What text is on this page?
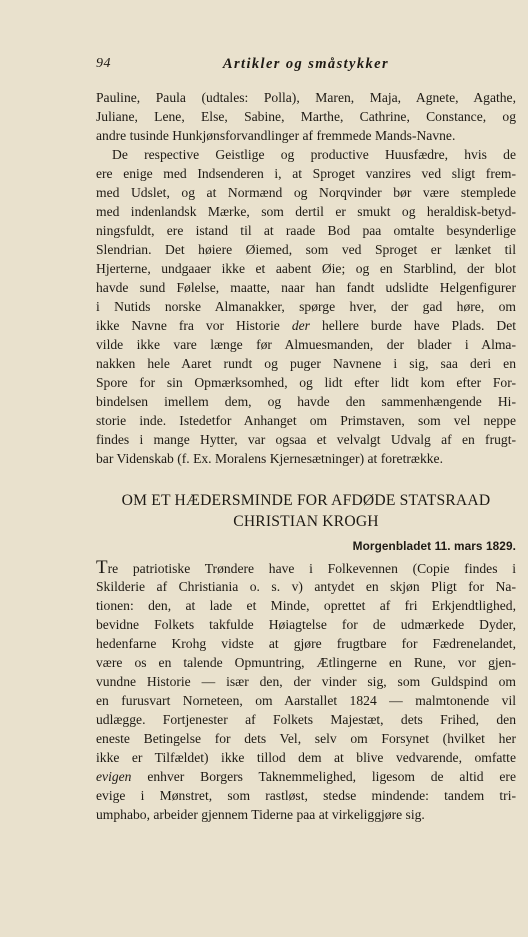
94	Artikler og småstykker
Pauline, Paula (udtales: Polla), Maren, Maja, Agnete, Agathe,
Juliane, Lene, Else, Sabine, Marthe, Cathrine, Constance, og
andre tusinde Hunkjønsforvandlinger af fremmede Mands-Navne.
De respective Geistlige og productive Huusfædre, hvis de
ere enige med Indsenderen i, at Sproget vanzires ved sligt frem-
med Udslet, og at Normænd og Norqvinder bør være stemplede
med indenlandsk Mærke, som dertil er smukt og heraldisk-betyd-
ningsfuldt, ere istand til at raade Bod paa omtalte besynderlige
Slendrian. Det høiere Øiemed, som ved Sproget er lænket til
Hjerterne, undgaaer ikke et aabent Øie; og en Starblind, der blot
havde sund Følelse, maatte, naar han fandt udslidte Helgenfigurer
i Nutids norske Almanakker, spørge hver, der gad høre, om
ikke Navne fra vor Historie der hellere burde have Plads. Det
vilde ikke vare længe før Almuesmanden, der blader i Alma-
nakken hele Aaret rundt og puger Navnene i sig, saa deri en
Spore for sin Opmærksomhed, og lidt efter lidt kom efter For-
bindelsen imellem dem, og havde den sammenhængende Hi-
storie inde. Istedetfor Anhanget om Primstaven, som vel neppe
findes i mange Hytter, var ogsaa et velvalgt Udvalg af en frugt-
bar Videnskab (f. Ex. Moralens Kjernesætninger) at foretrække.
OM ET HÆDERSMINDE FOR AFDØDE STATSRAAD
CHRISTIAN KROGH
Morgenbladet 11. mars 1829.
Tre patriotiske Trøndere have i Folkevennen (Copie findes i
Skilderie af Christiania o. s. v) antydet en skjøn Pligt for Na-
tionen: den, at lade et Minde, oprettet af fri Erkjendtlighed,
bevidne Folkets takfulde Høiagtelse for de udmærkede Dyder,
hedenfarne Krohg vidste at gjøre frugtbare for Fædrenelandet,
være os en talende Opmuntring, Ætlingerne en Rune, vor gjen-
vundne Historie — især den, der vinder sig, som Guldspind om
en furusvart Norneteen, om Aarstallet 1824 — malmtonende vil
udlægge. Fortjenester af Folkets Majestæt, dets Frihed, den
eneste Betingelse for dets Vel, selv om Forsynet (hvilket her
ikke er Tilfældet) ikke tillod dem at blive vedvarende, omfatte
evigen enhver Borgers Taknemmelighed, ligesom de altid ere
evige i Mønstret, som rastløst, stedse mindende: tandem tri-
umphabo, arbeider gjennem Tiderne paa at virkeliggjøre sig.
